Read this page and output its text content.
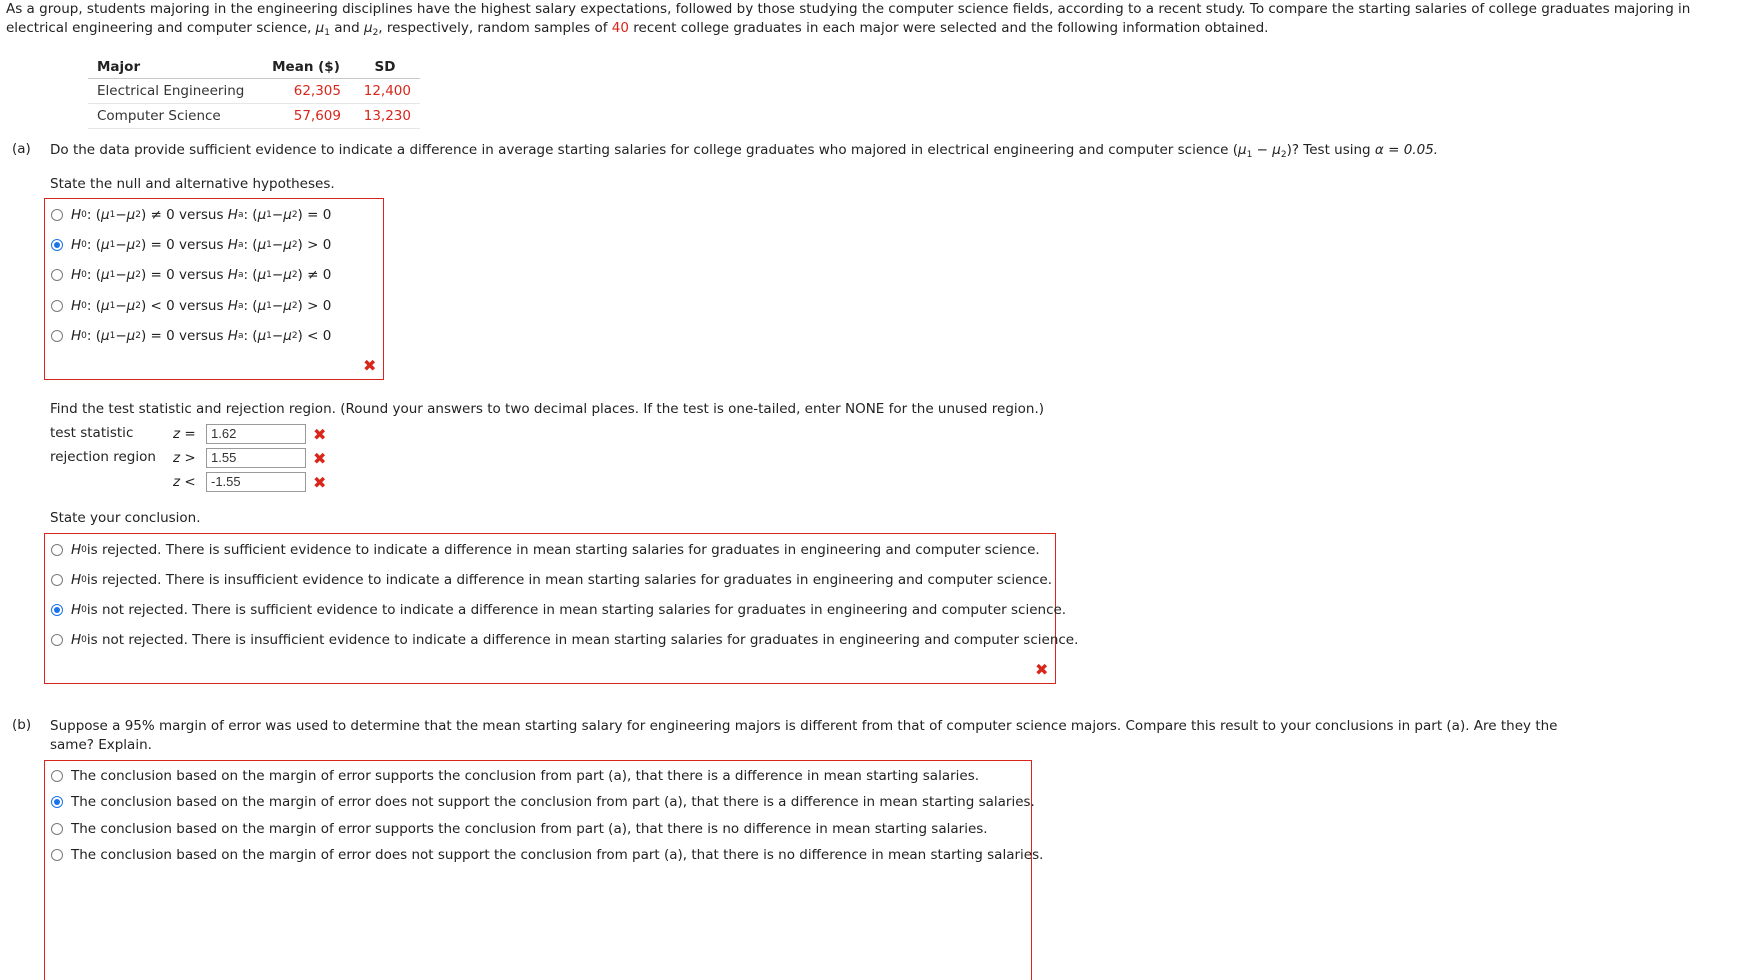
As a group, students majoring in the engineering disciplines have the highest salary expectations, followed by those studying the computer science fields, according to a recent study. To compare the starting salaries of college graduates majoring in electrical engineering and computer science, $\mu_1$ and $\mu_2$, respectively, random samples of 40 recent college graduates in each major were selected and the following information obtained.
Major	Mean ($)	SD
Electrical Engineering	62,305	12,400
Computer Science	57,609	13,230
(a) Do the data provide sufficient evidence to indicate a difference in average starting salaries for college graduates who majored in electrical engineering and computer science $(\mu_1 - \mu_2)$? Test using α = 0.05.
State the null and alternative hypotheses.
H 0 : ( μ 1 − μ 2 ) ≠ 0
versus
H a : ( μ 1 − μ 2 ) = 0
H 0 : ( μ 1 − μ 2 ) = 0
versus
H a : ( μ 1 − μ 2 ) > 0
H 0 : ( μ 1 − μ 2 ) = 0
versus
H a : ( μ 1 − μ 2 ) ≠ 0
H 0 : ( μ 1 − μ 2 ) < 0
versus
H a : ( μ 1 − μ 2 ) > 0
H 0 : ( μ 1 − μ 2 ) = 0
versus
H a : ( μ 1 − μ 2 ) < 0
✖
Find the test statistic and rejection region. (Round your answers to two decimal places. If the test is one-tailed, enter NONE for the unused region.)
test statistic	z =	1.62	✖
rejection region z >	1.55	✖
z <	-1.55	✖
State your conclusion.
H 0 is rejected. There is sufficient evidence to indicate a difference in mean starting salaries for graduates in engineering and computer science.
H 0 is rejected. There is insufficient evidence to indicate a difference in mean starting salaries for graduates in engineering and computer science.
H 0 is not rejected. There is sufficient evidence to indicate a difference in mean starting salaries for graduates in engineering and computer science.
H 0 is not rejected. There is insufficient evidence to indicate a difference in mean starting salaries for graduates in engineering and computer science.
✖
(b) Suppose a 95% margin of error was used to determine that the mean starting salary for engineering majors is different from that of computer science majors. Compare this result to your conclusions in part (a). Are they the same? Explain.
The conclusion based on the margin of error supports the conclusion from part (a), that there is a difference in mean starting salaries.
The conclusion based on the margin of error does not support the conclusion from part (a), that there is a difference in mean starting salaries.
The conclusion based on the margin of error supports the conclusion from part (a), that there is no difference in mean starting salaries.
The conclusion based on the margin of error does not support the conclusion from part (a), that there is no difference in mean starting salaries.
